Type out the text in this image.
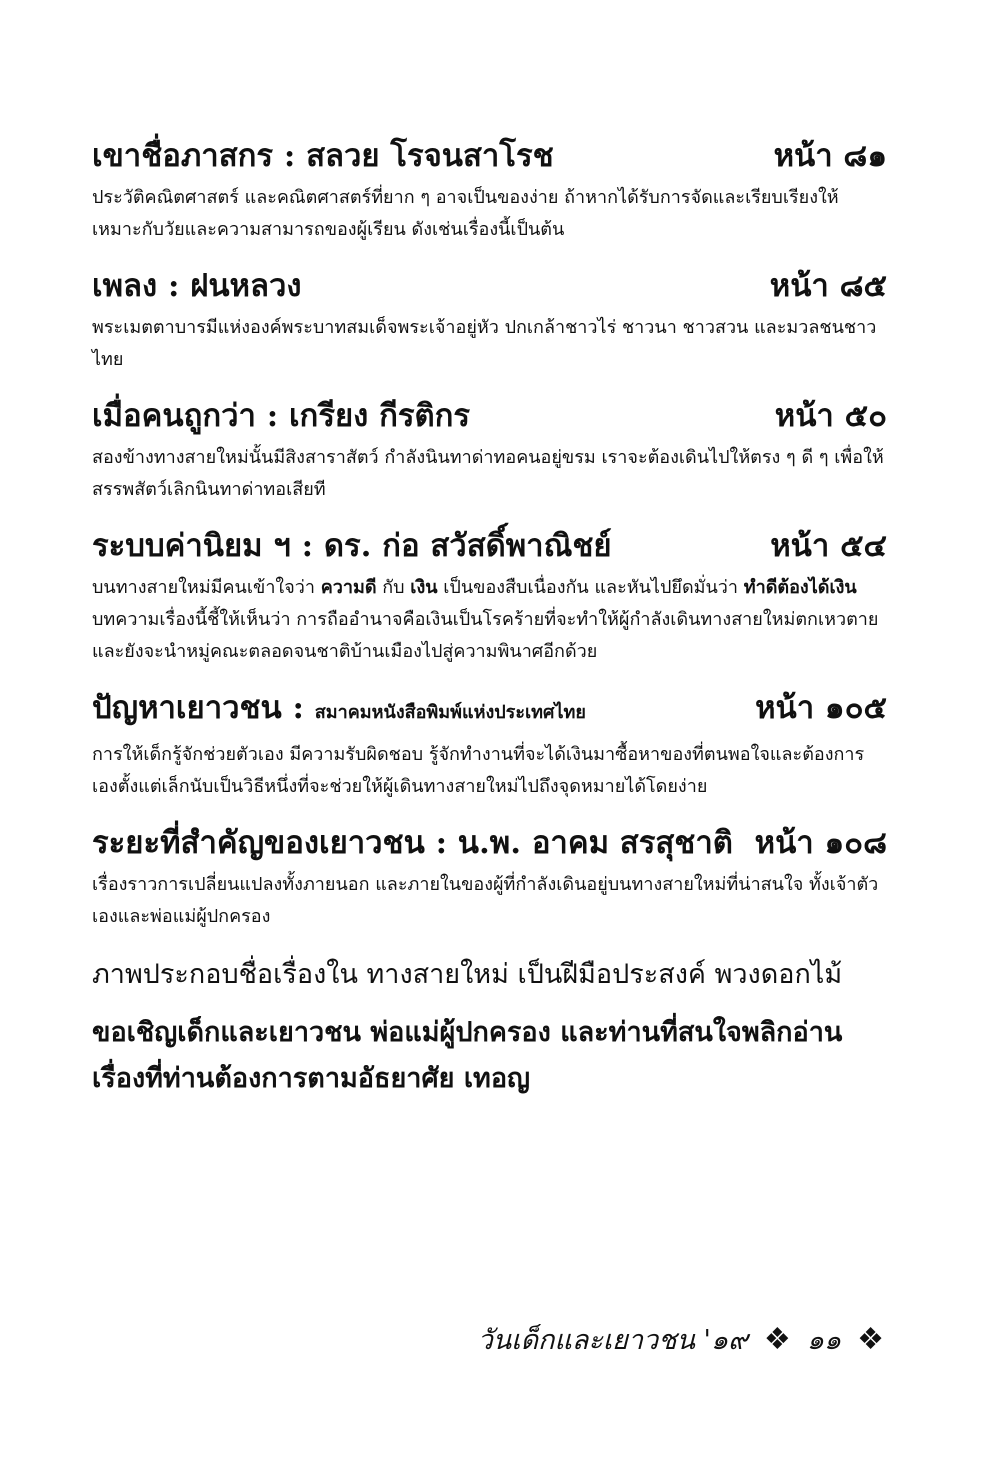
เขาชื่อภาสกร : สลวย โรจนสาโรช	หน้า ๘๑
ประวัติคณิตศาสตร์ และคณิตศาสตร์ที่ยาก ๆ อาจเป็นของง่าย ถ้าหากได้รับการจัดและเรียบเรียงให้เหมาะกับวัยและความสามารถของผู้เรียน ดังเช่นเรื่องนี้เป็นต้น
เพลง : ฝนหลวง	หน้า ๘๕
พระเมตตาบารมีแห่งองค์พระบาทสมเด็จพระเจ้าอยู่หัว ปกเกล้าชาวไร่ ชาวนา ชาวสวน และมวลชนชาวไทย
เมื่อคนถูกว่า : เกรียง กีรติกร	หน้า ๕๐
สองข้างทางสายใหม่นั้นมีสิงสาราสัตว์ กำลังนินทาด่าทอคนอยู่ขรม เราจะต้องเดินไปให้ตรง ๆ ดี ๆ เพื่อให้สรรพสัตว์เลิกนินทาด่าทอเสียที
ระบบค่านิยม ฯ : ดร. ก่อ สวัสดิ์พาณิชย์	หน้า ๕๔
บนทางสายใหม่มีคนเข้าใจว่า ความดี กับ เงิน เป็นของสืบเนื่องกัน และหันไปยึดมั่นว่า ทำดีต้องได้เงิน บทความเรื่องนี้ชี้ให้เห็นว่า การถืออำนาจคือเงินเป็นโรคร้ายที่จะทำให้ผู้กำลังเดินทางสายใหม่ตกเหวตาย และยังจะนำหมู่คณะตลอดจนชาติบ้านเมืองไปสู่ความพินาศอีกด้วย
ปัญหาเยาวชน : สมาคมหนังสือพิมพ์แห่งประเทศไทย	หน้า ๑๐๕
การให้เด็กรู้จักช่วยตัวเอง มีความรับผิดชอบ รู้จักทำงานที่จะได้เงินมาซื้อหาของที่ตนพอใจและต้องการเองตั้งแต่เล็กนับเป็นวิธีหนึ่งที่จะช่วยให้ผู้เดินทางสายใหม่ไปถึงจุดหมายได้โดยง่าย
ระยะที่สำคัญของเยาวชน : น.พ. อาคม สรสุชาติ หน้า ๑๐๘
เรื่องราวการเปลี่ยนแปลงทั้งภายนอก และภายในของผู้ที่กำลังเดินอยู่บนทางสายใหม่ที่น่าสนใจ ทั้งเจ้าตัวเองและพ่อแม่ผู้ปกครอง
ภาพประกอบชื่อเรื่องใน ทางสายใหม่ เป็นฝีมือประสงค์ พวงดอกไม้
ขอเชิญเด็กและเยาวชน พ่อแม่ผู้ปกครอง และท่านที่สนใจพลิกอ่านเรื่องที่ท่านต้องการตามอัธยาศัย เทอญ
วันเด็กและเยาวชน '๑๙ ❖ ๑๑ ❖
